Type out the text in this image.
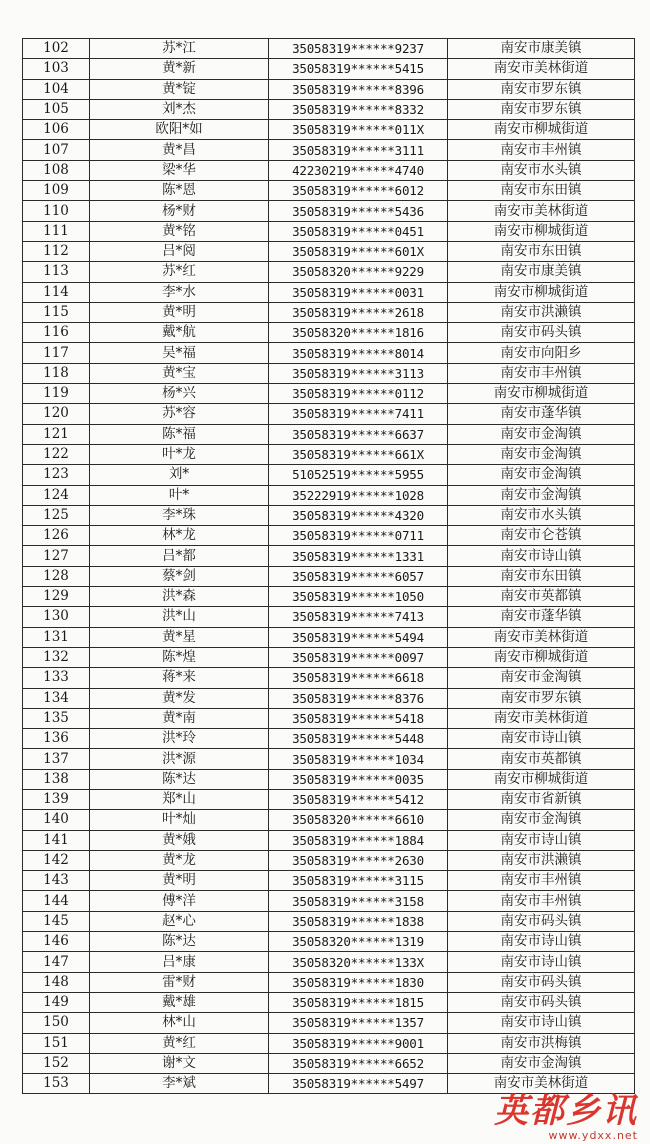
102	苏*江	35058319******9237	南安市康美镇
103	黄*新	35058319******5415	南安市美林街道
104	黄*锭	35058319******8396	南安市罗东镇
105	刘*杰	35058319******8332	南安市罗东镇
106	欧阳*如	35058319******011X	南安市柳城街道
107	黄*昌	35058319******3111	南安市丰州镇
108	梁*华	42230219******4740	南安市水头镇
109	陈*恩	35058319******6012	南安市东田镇
110	杨*财	35058319******5436	南安市美林街道
111	黄*铭	35058319******0451	南安市柳城街道
112	吕*阅	35058319******601X	南安市东田镇
113	苏*红	35058320******9229	南安市康美镇
114	李*水	35058319******0031	南安市柳城街道
115	黄*明	35058319******2618	南安市洪濑镇
116	戴*航	35058320******1816	南安市码头镇
117	吴*福	35058319******8014	南安市向阳乡
118	黄*宝	35058319******3113	南安市丰州镇
119	杨*兴	35058319******0112	南安市柳城街道
120	苏*容	35058319******7411	南安市蓬华镇
121	陈*福	35058319******6637	南安市金淘镇
122	叶*龙	35058319******661X	南安市金淘镇
123	刘*	51052519******5955	南安市金淘镇
124	叶*	35222919******1028	南安市金淘镇
125	李*珠	35058319******4320	南安市水头镇
126	林*龙	35058319******0711	南安市仑苍镇
127	吕*都	35058319******1331	南安市诗山镇
128	蔡*剑	35058319******6057	南安市东田镇
129	洪*森	35058319******1050	南安市英都镇
130	洪*山	35058319******7413	南安市蓬华镇
131	黄*星	35058319******5494	南安市美林街道
132	陈*煌	35058319******0097	南安市柳城街道
133	蒋*来	35058319******6618	南安市金淘镇
134	黄*发	35058319******8376	南安市罗东镇
135	黄*南	35058319******5418	南安市美林街道
136	洪*玲	35058319******5448	南安市诗山镇
137	洪*源	35058319******1034	南安市英都镇
138	陈*达	35058319******0035	南安市柳城街道
139	郑*山	35058319******5412	南安市省新镇
140	叶*灿	35058320******6610	南安市金淘镇
141	黄*娥	35058319******1884	南安市诗山镇
142	黄*龙	35058319******2630	南安市洪濑镇
143	黄*明	35058319******3115	南安市丰州镇
144	傅*洋	35058319******3158	南安市丰州镇
145	赵*心	35058319******1838	南安市码头镇
146	陈*达	35058320******1319	南安市诗山镇
147	吕*康	35058320******133X	南安市诗山镇
148	雷*财	35058319******1830	南安市码头镇
149	戴*雄	35058319******1815	南安市码头镇
150	林*山	35058319******1357	南安市诗山镇
151	黄*红	35058319******9001	南安市洪梅镇
152	谢*文	35058319******6652	南安市金淘镇
153	李*斌	35058319******5497	南安市美林街道
英都乡讯
www.ydxx.net
